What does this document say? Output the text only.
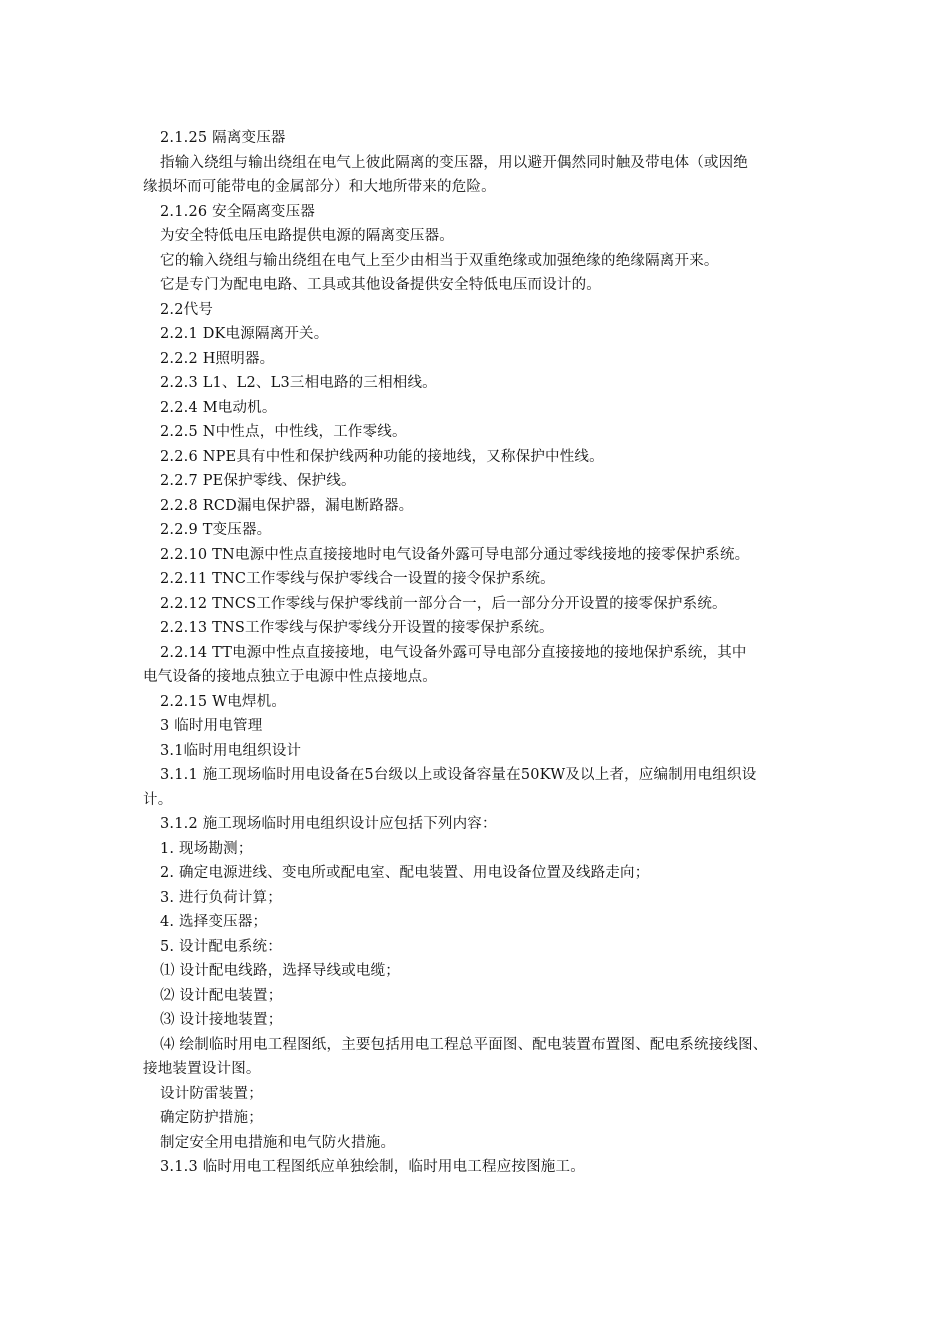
2.1.25 隔离变压器
指输入绕组与输出绕组在电气上彼此隔离的变压器，用以避开偶然同时触及带电体（或因绝
缘损坏而可能带电的金属部分）和大地所带来的危险。
2.1.26 安全隔离变压器
为安全特低电压电路提供电源的隔离变压器。
它的输入绕组与输出绕组在电气上至少由相当于双重绝缘或加强绝缘的绝缘隔离开来。
它是专门为配电电路、工具或其他设备提供安全特低电压而设计的。
2.2代号
2.2.1 DK电源隔离开关。
2.2.2 H照明器。
2.2.3 L1、L2、L3三相电路的三相相线。
2.2.4 M电动机。
2.2.5 N中性点，中性线，工作零线。
2.2.6 NPE具有中性和保护线两种功能的接地线，又称保护中性线。
2.2.7 PE保护零线、保护线。
2.2.8 RCD漏电保护器，漏电断路器。
2.2.9 T变压器。
2.2.10 TN电源中性点直接接地时电气设备外露可导电部分通过零线接地的接零保护系统。
2.2.11 TNC工作零线与保护零线合一设置的接令保护系统。
2.2.12 TNCS工作零线与保护零线前一部分合一，后一部分分开设置的接零保护系统。
2.2.13 TNS工作零线与保护零线分开设置的接零保护系统。
2.2.14 TT电源中性点直接接地，电气设备外露可导电部分直接接地的接地保护系统，其中
电气设备的接地点独立于电源中性点接地点。
2.2.15 W电焊机。
3 临时用电管理
3.1临时用电组织设计
3.1.1 施工现场临时用电设备在5台级以上或设备容量在50KW及以上者，应编制用电组织设
计。
3.1.2 施工现场临时用电组织设计应包括下列内容：
1. 现场勘测；
2. 确定电源进线、变电所或配电室、配电装置、用电设备位置及线路走向；
3. 进行负荷计算；
4. 选择变压器；
5. 设计配电系统：
⑴ 设计配电线路，选择导线或电缆；
⑵ 设计配电装置；
⑶ 设计接地装置；
⑷ 绘制临时用电工程图纸，主要包括用电工程总平面图、配电装置布置图、配电系统接线图、
接地装置设计图。
设计防雷装置；
确定防护措施；
制定安全用电措施和电气防火措施。
3.1.3 临时用电工程图纸应单独绘制，临时用电工程应按图施工。
